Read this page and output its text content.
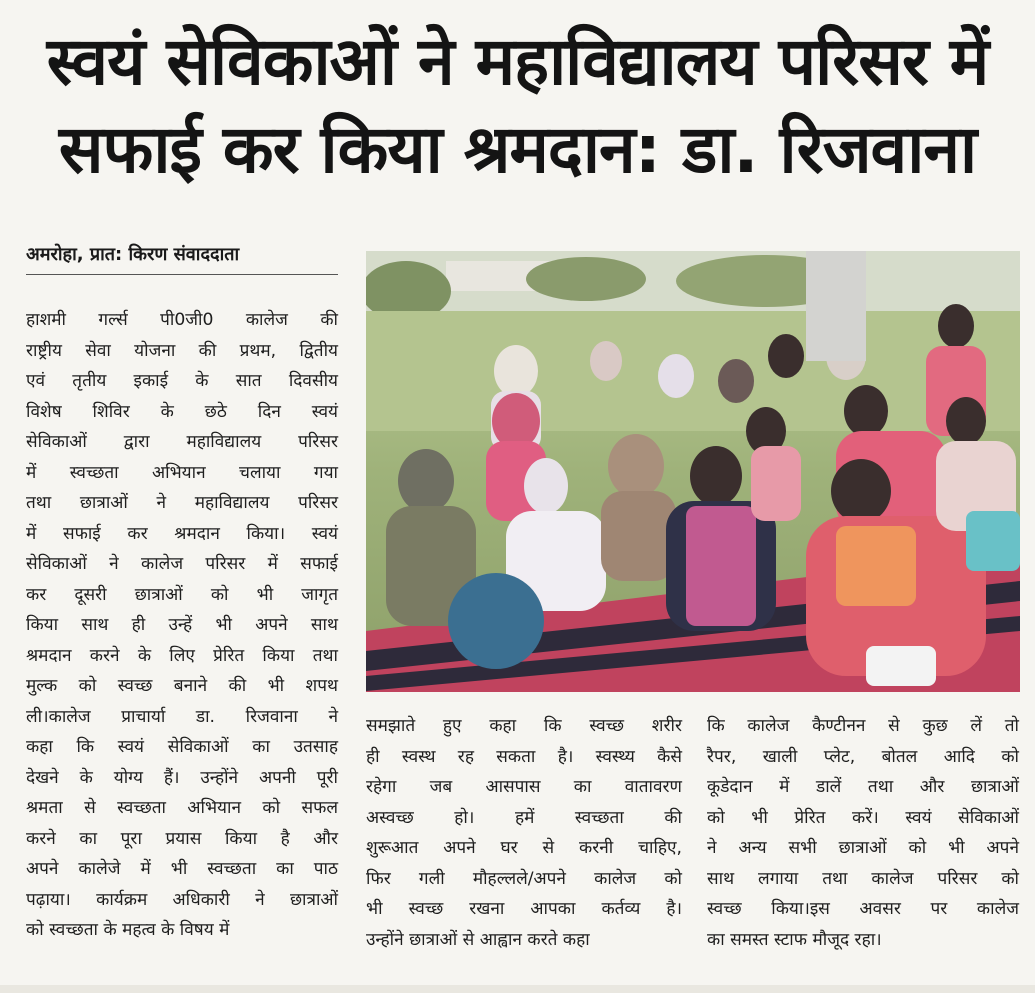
स्वयं सेविकाओं ने महाविद्यालय परिसर में
सफाई कर किया श्रमदान: डा. रिजवाना
अमरोहा, प्रात: किरण संवाददाता
हाशमी गर्ल्स पी0जी0 कालेज की
राष्ट्रीय सेवा योजना की प्रथम, द्वितीय
एवं तृतीय इकाई के सात दिवसीय
विशेष शिविर के छठे दिन स्वयं
सेविकाओं द्वारा महाविद्यालय परिसर
में स्वच्छता अभियान चलाया गया
तथा छात्राओं ने महाविद्यालय परिसर
में सफाई कर श्रमदान किया। स्वयं
सेविकाओं ने कालेज परिसर में सफाई
कर दूसरी छात्राओं को भी जागृत
किया साथ ही उन्हें भी अपने साथ
श्रमदान करने के लिए प्रेरित किया तथा
मुल्क को स्वच्छ बनाने की भी शपथ
ली।कालेज प्राचार्या डा. रिजवाना ने
कहा कि स्वयं सेविकाओं का उतसाह
देखने के योग्य हैं। उन्होंने अपनी पूरी
श्रमता से स्वच्छता अभियान को सफल
करने का पूरा प्रयास किया है और
अपने कालेजे में भी स्वच्छता का पाठ
पढ़ाया। कार्यक्रम अधिकारी ने छात्राओं
को स्वच्छता के महत्व के विषय में
समझाते हुए कहा कि स्वच्छ शरीर
ही स्वस्थ रह सकता है। स्वस्थ्य कैसे
रहेगा जब आसपास का वातावरण
अस्वच्छ हो। हमें स्वच्छता की
शुरूआत अपने घर से करनी चाहिए,
फिर गली मौहल्लले/अपने कालेज को
भी स्वच्छ रखना आपका कर्तव्य है।
उन्होंने छात्राओं से आह्वान करते कहा
कि कालेज कैण्टीनन से कुछ लें तो
रैपर, खाली प्लेट, बोतल आदि को
कूडेदान में डालें तथा और छात्राओं
को भी प्रेरित करें। स्वयं सेविकाओं
ने अन्य सभी छात्राओं को भी अपने
साथ लगाया तथा कालेज परिसर को
स्वच्छ किया।इस अवसर पर कालेज
का समस्त स्टाफ मौजूद रहा।
